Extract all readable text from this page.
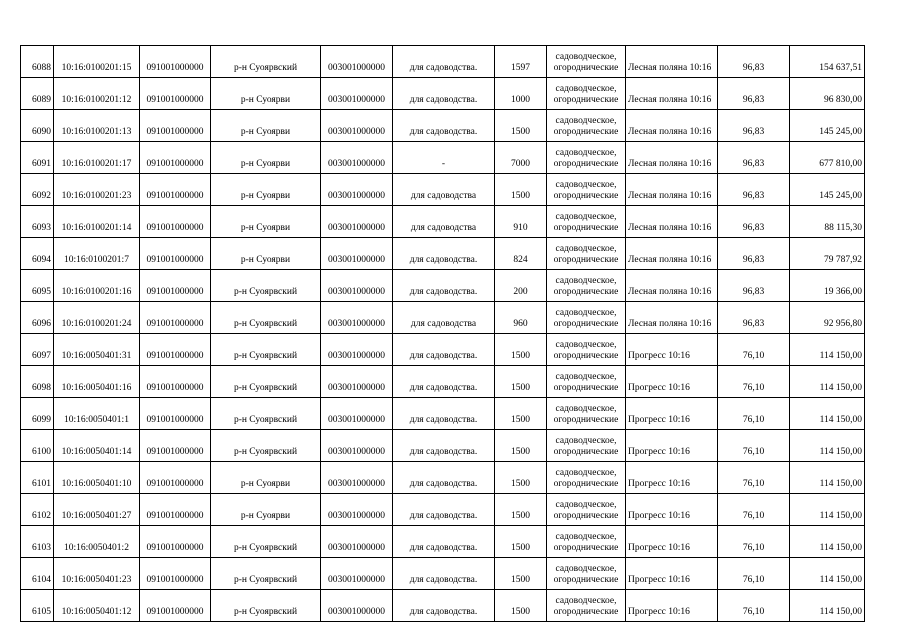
6088	10:16:0100201:15	091001000000	р-н Суоярвский	003001000000	для садоводства.	1597	садоводческое,
огороднические	Лесная поляна 10:16	96,83	154 637,51
6089	10:16:0100201:12	091001000000	р-н Суоярви	003001000000	для садоводства.	1000	садоводческое,
огороднические	Лесная поляна 10:16	96,83	96 830,00
6090	10:16:0100201:13	091001000000	р-н Суоярви	003001000000	для садоводства.	1500	садоводческое,
огороднические	Лесная поляна 10:16	96,83	145 245,00
6091	10:16:0100201:17	091001000000	р-н Суоярви	003001000000	-	7000	садоводческое,
огороднические	Лесная поляна 10:16	96,83	677 810,00
6092	10:16:0100201:23	091001000000	р-н Суоярви	003001000000	для садоводства	1500	садоводческое,
огороднические	Лесная поляна 10:16	96,83	145 245,00
6093	10:16:0100201:14	091001000000	р-н Суоярви	003001000000	для садоводства	910	садоводческое,
огороднические	Лесная поляна 10:16	96,83	88 115,30
6094	10:16:0100201:7	091001000000	р-н Суоярви	003001000000	для садоводства.	824	садоводческое,
огороднические	Лесная поляна 10:16	96,83	79 787,92
6095	10:16:0100201:16	091001000000	р-н Суоярвский	003001000000	для садоводства.	200	садоводческое,
огороднические	Лесная поляна 10:16	96,83	19 366,00
6096	10:16:0100201:24	091001000000	р-н Суоярвский	003001000000	для садоводства	960	садоводческое,
огороднические	Лесная поляна 10:16	96,83	92 956,80
6097	10:16:0050401:31	091001000000	р-н Суоярвский	003001000000	для садоводства.	1500	садоводческое,
огороднические	Прогресс 10:16	76,10	114 150,00
6098	10:16:0050401:16	091001000000	р-н Суоярвский	003001000000	для садоводства.	1500	садоводческое,
огороднические	Прогресс 10:16	76,10	114 150,00
6099	10:16:0050401:1	091001000000	р-н Суоярвский	003001000000	для садоводства.	1500	садоводческое,
огороднические	Прогресс 10:16	76,10	114 150,00
6100	10:16:0050401:14	091001000000	р-н Суоярвский	003001000000	для садоводства.	1500	садоводческое,
огороднические	Прогресс 10:16	76,10	114 150,00
6101	10:16:0050401:10	091001000000	р-н Суоярви	003001000000	для садоводства.	1500	садоводческое,
огороднические	Прогресс 10:16	76,10	114 150,00
6102	10:16:0050401:27	091001000000	р-н Суоярви	003001000000	для садоводства.	1500	садоводческое,
огороднические	Прогресс 10:16	76,10	114 150,00
6103	10:16:0050401:2	091001000000	р-н Суоярвский	003001000000	для садоводства.	1500	садоводческое,
огороднические	Прогресс 10:16	76,10	114 150,00
6104	10:16:0050401:23	091001000000	р-н Суоярвский	003001000000	для садоводства.	1500	садоводческое,
огороднические	Прогресс 10:16	76,10	114 150,00
6105	10:16:0050401:12	091001000000	р-н Суоярвский	003001000000	для садоводства.	1500	садоводческое,
огороднические	Прогресс 10:16	76,10	114 150,00
